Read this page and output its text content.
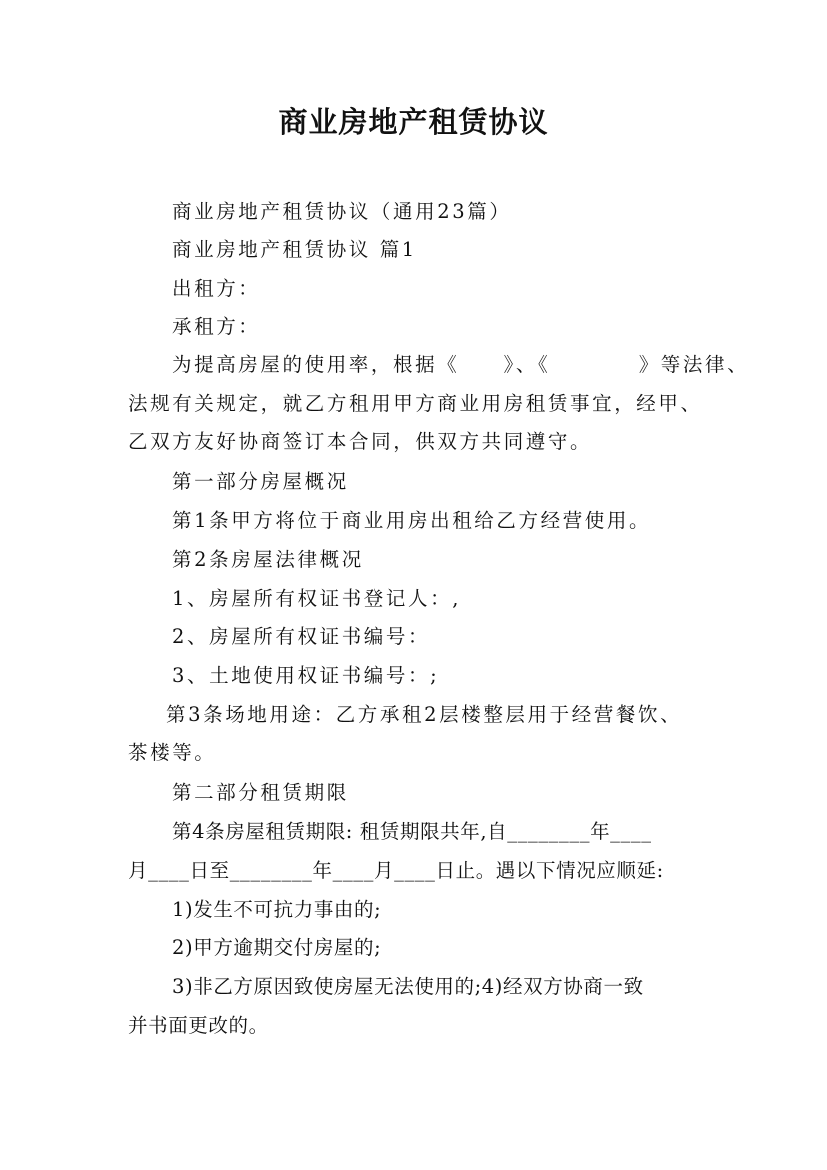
商业房地产租赁协议
商业房地产租赁协议（通用23篇）
商业房地产租赁协议 篇1
出租方：
承租方：
为提高房屋的使用率，根据《　　》、《　　　　》等法律、
法规有关规定，就乙方租用甲方商业用房租赁事宜，经甲、
乙双方友好协商签订本合同，供双方共同遵守。
第一部分房屋概况
第1条甲方将位于商业用房出租给乙方经营使用。
第2条房屋法律概况
1、房屋所有权证书登记人：,
2、房屋所有权证书编号：
3、土地使用权证书编号：;
第3条场地用途：乙方承租2层楼整层用于经营餐饮、
茶楼等。
第二部分租赁期限
第4条房屋租赁期限: 租赁期限共年,自________年____
月____日至________年____月____日止。遇以下情况应顺延:
1)发生不可抗力事由的;
2)甲方逾期交付房屋的;
3)非乙方原因致使房屋无法使用的;4)经双方协商一致
并书面更改的。
